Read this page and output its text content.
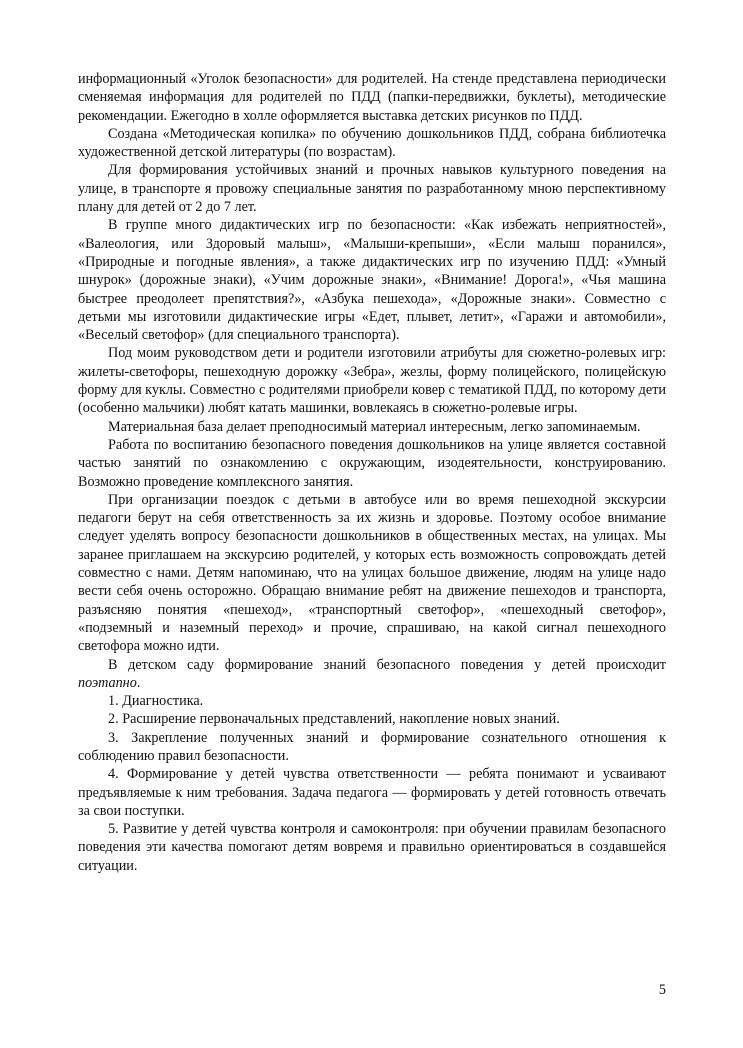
информационный «Уголок безопасности» для родителей. На стенде представлена периодически сменяемая информация для родителей по ПДД (папки-передвижки, буклеты), методические рекомендации. Ежегодно в холле оформляется выставка детских рисунков по ПДД.

Создана «Методическая копилка» по обучению дошкольников ПДД, собрана библиотечка художественной детской литературы (по возрастам).

Для формирования устойчивых знаний и прочных навыков культурного поведения на улице, в транспорте я провожу специальные занятия по разработанному мною перспективному плану для детей от 2 до 7 лет.

В группе много дидактических игр по безопасности: «Как избежать неприятностей», «Валеология, или Здоровый малыш», «Малыши-крепыши», «Если малыш поранился», «Природные и погодные явления», а также дидактических игр по изучению ПДД: «Умный шнурок» (дорожные знаки), «Учим дорожные знаки», «Внимание! Дорога!», «Чья машина быстрее преодолеет препятствия?», «Азбука пешехода», «Дорожные знаки». Совместно с детьми мы изготовили дидактические игры «Едет, плывет, летит», «Гаражи и автомобили», «Веселый светофор» (для специального транспорта).

Под моим руководством дети и родители изготовили атрибуты для сюжетно-ролевых игр: жилеты-светофоры, пешеходную дорожку «Зебра», жезлы, форму полицейского, полицейскую форму для куклы. Совместно с родителями приобрели ковер с тематикой ПДД, по которому дети (особенно мальчики) любят катать машинки, вовлекаясь в сюжетно-ролевые игры.

Материальная база делает преподносимый материал интересным, легко запоминаемым.

Работа по воспитанию безопасного поведения дошкольников на улице является составной частью занятий по ознакомлению с окружающим, изодеятельности, конструированию. Возможно проведение комплексного занятия.

При организации поездок с детьми в автобусе или во время пешеходной экскурсии педагоги берут на себя ответственность за их жизнь и здоровье. Поэтому особое внимание следует уделять вопросу безопасности дошкольников в общественных местах, на улицах. Мы заранее приглашаем на экскурсию родителей, у которых есть возможность сопровождать детей совместно с нами. Детям напоминаю, что на улицах большое движение, людям на улице надо вести себя очень осторожно. Обращаю внимание ребят на движение пешеходов и транспорта, разъясняю понятия «пешеход», «транспортный светофор», «пешеходный светофор», «подземный и наземный переход» и прочие, спрашиваю, на какой сигнал пешеходного светофора можно идти.

В детском саду формирование знаний безопасного поведения у детей происходит поэтапно.

1. Диагностика.

2. Расширение первоначальных представлений, накопление новых знаний.

3. Закрепление полученных знаний и формирование сознательного отношения к соблюдению правил безопасности.

4. Формирование у детей чувства ответственности — ребята понимают и усваивают предъявляемые к ним требования. Задача педагога — формировать у детей готовность отвечать за свои поступки.

5. Развитие у детей чувства контроля и самоконтроля: при обучении правилам безопасного поведения эти качества помогают детям вовремя и правильно ориентироваться в создавшейся ситуации.

5
